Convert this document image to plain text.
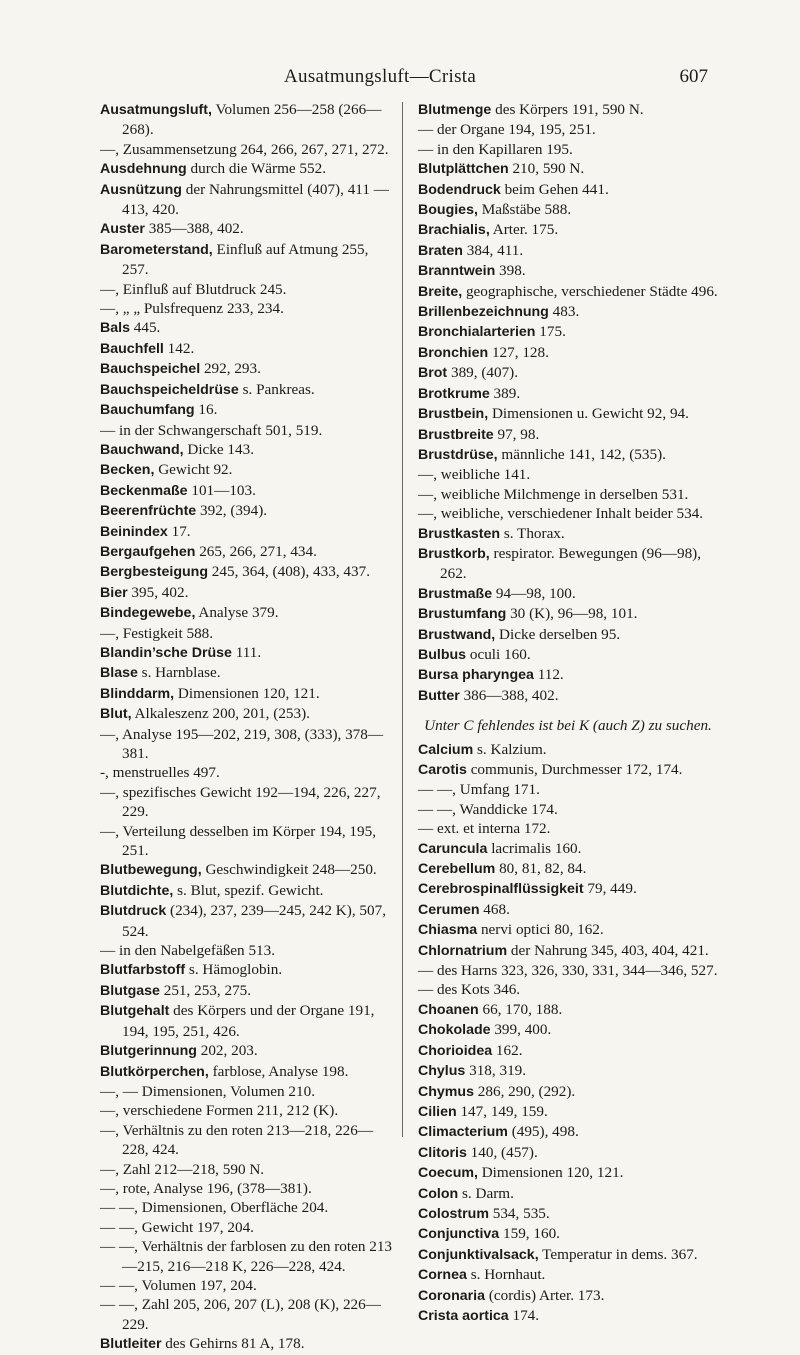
Ausatmungsluft—Crista	607

Ausatmungsluft, Volumen 256—258 (266—268).

—, Zusammensetzung 264, 266, 267, 271, 272.

Ausdehnung durch die Wärme 552.

Ausnützung der Nahrungsmittel (407), 411 —413, 420.

Auster 385—388, 402.

Barometerstand, Einfluß auf Atmung 255, 257.

—, Einfluß auf Blutdruck 245.

—, „ „ Pulsfrequenz 233, 234.

Bals 445.

Bauchfell 142.

Bauchspeichel 292, 293.

Bauchspeicheldrüse s. Pankreas.

Bauchumfang 16.

— in der Schwangerschaft 501, 519.

Bauchwand, Dicke 143.

Becken, Gewicht 92.

Beckenmaße 101—103.

Beerenfrüchte 392, (394).

Beinindex 17.

Bergaufgehen 265, 266, 271, 434.

Bergbesteigung 245, 364, (408), 433, 437.

Bier 395, 402.

Bindegewebe, Analyse 379.

—, Festigkeit 588.

Blandin’sche Drüse 111.

Blase s. Harnblase.

Blinddarm, Dimensionen 120, 121.

Blut, Alkaleszenz 200, 201, (253).

—, Analyse 195—202, 219, 308, (333), 378—381.

-, menstruelles 497.

—, spezifisches Gewicht 192—194, 226, 227, 229.

—, Verteilung desselben im Körper 194, 195, 251.

Blutbewegung, Geschwindigkeit 248—250.

Blutdichte, s. Blut, spezif. Gewicht.

Blutdruck (234), 237, 239—245, 242 K), 507, 524.

— in den Nabelgefäßen 513.

Blutfarbstoff s. Hämoglobin.

Blutgase 251, 253, 275.

Blutgehalt des Körpers und der Organe 191, 194, 195, 251, 426.

Blutgerinnung 202, 203.

Blutkörperchen, farblose, Analyse 198.

—, — Dimensionen, Volumen 210.

—, verschiedene Formen 211, 212 (K).

—, Verhältnis zu den roten 213—218, 226—228, 424.

—, Zahl 212—218, 590 N.

—, rote, Analyse 196, (378—381).

— —, Dimensionen, Oberfläche 204.

— —, Gewicht 197, 204.

— —, Verhältnis der farblosen zu den roten 213—215, 216—218 K, 226—228, 424.

— —, Volumen 197, 204.

— —, Zahl 205, 206, 207 (L), 208 (K), 226—229.

Blutleiter des Gehirns 81 A, 178.

Blutmenge des Körpers 191, 590 N.

— der Organe 194, 195, 251.

— in den Kapillaren 195.

Blutplättchen 210, 590 N.

Bodendruck beim Gehen 441.

Bougies, Maßstäbe 588.

Brachialis, Arter. 175.

Braten 384, 411.

Branntwein 398.

Breite, geographische, verschiedener Städte 496.

Brillenbezeichnung 483.

Bronchialarterien 175.

Bronchien 127, 128.

Brot 389, (407).

Brotkrume 389.

Brustbein, Dimensionen u. Gewicht 92, 94.

Brustbreite 97, 98.

Brustdrüse, männliche 141, 142, (535).

—, weibliche 141.

—, weibliche Milchmenge in derselben 531.

—, weibliche, verschiedener Inhalt beider 534.

Brustkasten s. Thorax.

Brustkorb, respirator. Bewegungen (96—98), 262.

Brustmaße 94—98, 100.

Brustumfang 30 (K), 96—98, 101.

Brustwand, Dicke derselben 95.

Bulbus oculi 160.

Bursa pharyngea 112.

Butter 386—388, 402.

Unter C fehlendes ist bei K (auch Z) zu suchen.

Calcium s. Kalzium.

Carotis communis, Durchmesser 172, 174.

— —, Umfang 171.

— —, Wanddicke 174.

— ext. et interna 172.

Caruncula lacrimalis 160.

Cerebellum 80, 81, 82, 84.

Cerebrospinalflüssigkeit 79, 449.

Cerumen 468.

Chiasma nervi optici 80, 162.

Chlornatrium der Nahrung 345, 403, 404, 421.

— des Harns 323, 326, 330, 331, 344—346, 527.

— des Kots 346.

Choanen 66, 170, 188.

Chokolade 399, 400.

Chorioidea 162.

Chylus 318, 319.

Chymus 286, 290, (292).

Cilien 147, 149, 159.

Climacterium (495), 498.

Clitoris 140, (457).

Coecum, Dimensionen 120, 121.

Colon s. Darm.

Colostrum 534, 535.

Conjunctiva 159, 160.

Conjunktivalsack, Temperatur in dems. 367.

Cornea s. Hornhaut.

Coronaria (cordis) Arter. 173.

Crista aortica 174.
